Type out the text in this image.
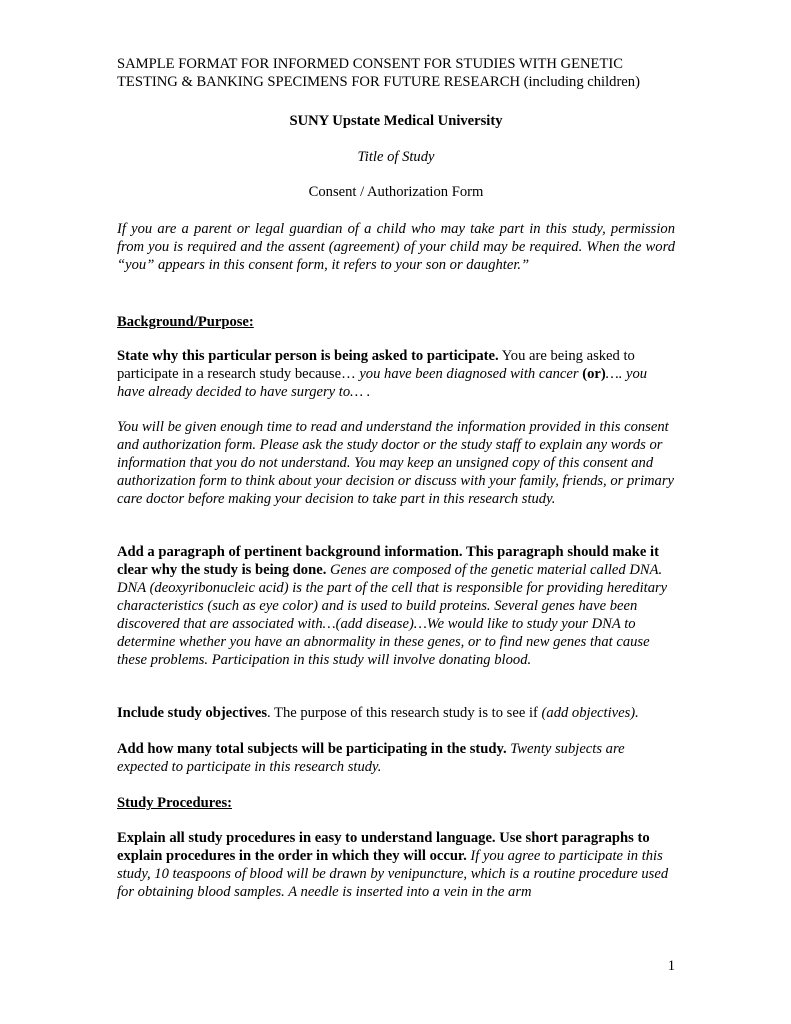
SAMPLE FORMAT FOR INFORMED CONSENT FOR STUDIES WITH GENETIC
TESTING & BANKING SPECIMENS FOR FUTURE RESEARCH (including children)
SUNY Upstate Medical University
Title of Study
Consent / Authorization Form
If you are a parent or legal guardian of a child who may take part in this study, permission from you is required and the assent (agreement) of your child may be required. When the word “you” appears in this consent form, it refers to your son or daughter.”
Background/Purpose:
State why this particular person is being asked to participate. You are being asked to participate in a research study because… you have been diagnosed with cancer (or)…. you have already decided to have surgery to… .
You will be given enough time to read and understand the information provided in this consent and authorization form. Please ask the study doctor or the study staff to explain any words or information that you do not understand. You may keep an unsigned copy of this consent and authorization form to think about your decision or discuss with your family, friends, or primary care doctor before making your decision to take part in this research study.
Add a paragraph of pertinent background information. This paragraph should make it clear why the study is being done. Genes are composed of the genetic material called DNA. DNA (deoxyribonucleic acid) is the part of the cell that is responsible for providing hereditary characteristics (such as eye color) and is used to build proteins. Several genes have been discovered that are associated with…(add disease)…We would like to study your DNA to determine whether you have an abnormality in these genes, or to find new genes that cause these problems. Participation in this study will involve donating blood.
Include study objectives. The purpose of this research study is to see if (add objectives).
Add how many total subjects will be participating in the study. Twenty subjects are expected to participate in this research study.
Study Procedures:
Explain all study procedures in easy to understand language. Use short paragraphs to explain procedures in the order in which they will occur. If you agree to participate in this study, 10 teaspoons of blood will be drawn by venipuncture, which is a routine procedure used for obtaining blood samples. A needle is inserted into a vein in the arm
1
